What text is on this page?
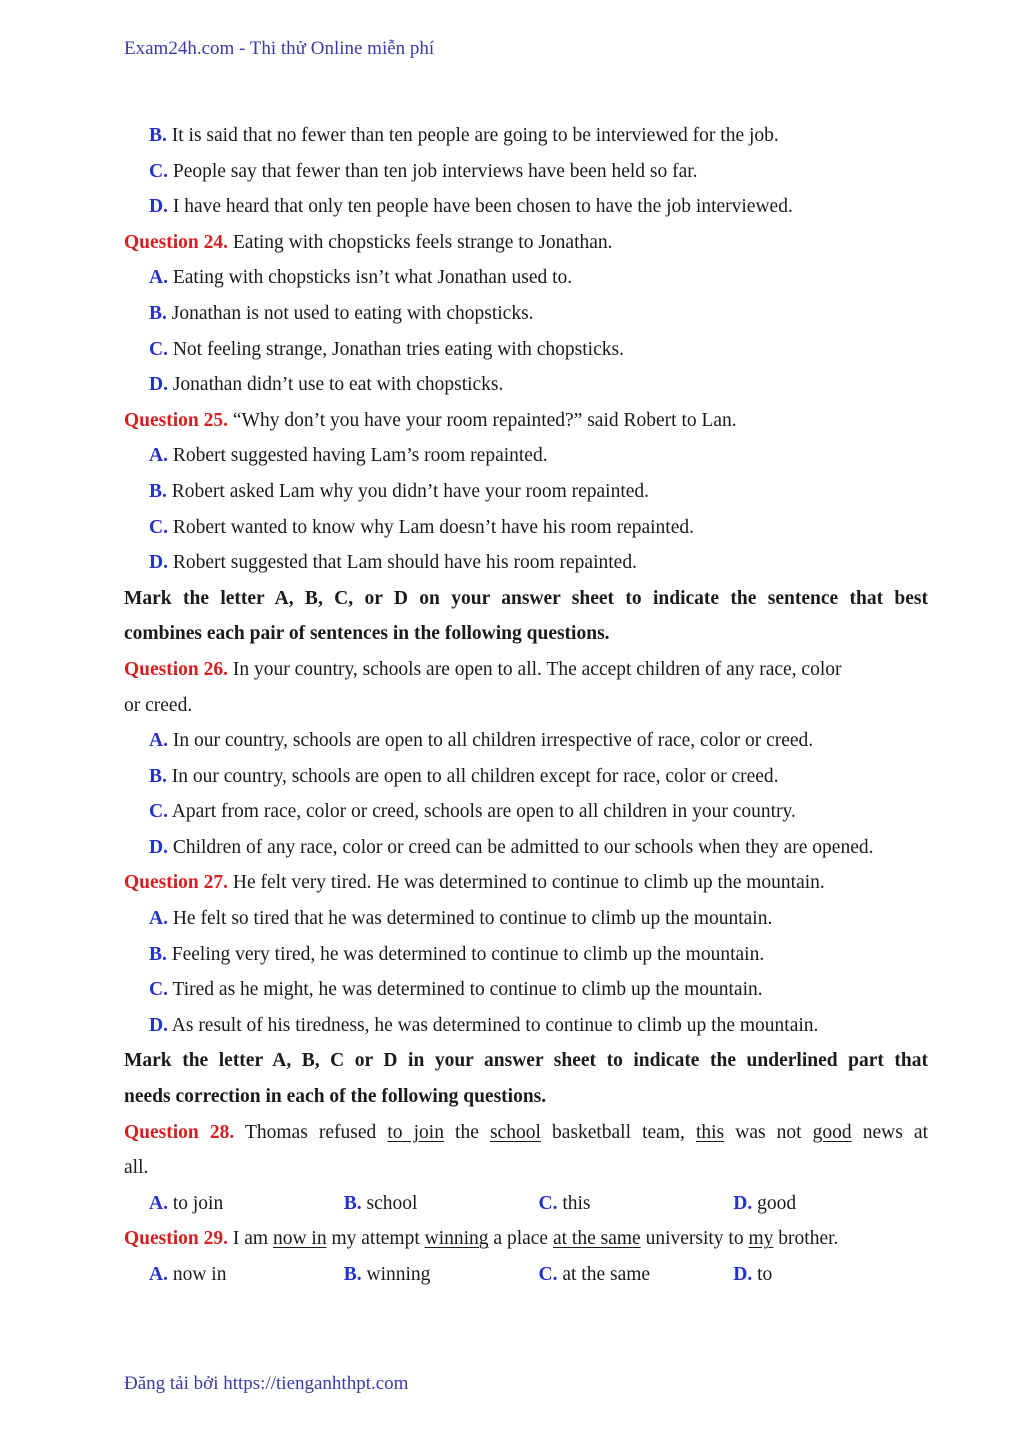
Exam24h.com - Thi thử Online miễn phí
B. It is said that no fewer than ten people are going to be interviewed for the job.
C. People say that fewer than ten job interviews have been held so far.
D. I have heard that only ten people have been chosen to have the job interviewed.
Question 24. Eating with chopsticks feels strange to Jonathan.
A. Eating with chopsticks isn’t what Jonathan used to.
B. Jonathan is not used to eating with chopsticks.
C. Not feeling strange, Jonathan tries eating with chopsticks.
D. Jonathan didn’t use to eat with chopsticks.
Question 25. “Why don’t you have your room repainted?” said Robert to Lan.
A. Robert suggested having Lam’s room repainted.
B. Robert asked Lam why you didn’t have your room repainted.
C. Robert wanted to know why Lam doesn’t have his room repainted.
D. Robert suggested that Lam should have his room repainted.
Mark the letter A, B, C, or D on your answer sheet to indicate the sentence that best
combines each pair of sentences in the following questions.
Question 26. In your country, schools are open to all. The accept children of any race, color
or creed.
A. In our country, schools are open to all children irrespective of race, color or creed.
B. In our country, schools are open to all children except for race, color or creed.
C. Apart from race, color or creed, schools are open to all children in your country.
D. Children of any race, color or creed can be admitted to our schools when they are opened.
Question 27. He felt very tired. He was determined to continue to climb up the mountain.
A. He felt so tired that he was determined to continue to climb up the mountain.
B. Feeling very tired, he was determined to continue to climb up the mountain.
C. Tired as he might, he was determined to continue to climb up the mountain.
D. As result of his tiredness, he was determined to continue to climb up the mountain.
Mark the letter A, B, C or D in your answer sheet to indicate the underlined part that
needs correction in each of the following questions.
Question 28. Thomas refused to join the school basketball team, this was not good news at
all.
A. to join	B. school	C. this	D. good
Question 29. I am now in my attempt winning a place at the same university to my brother.
A. now in	B. winning	C. at the same	D. to
Đăng tải bởi https://tienganhthpt.com
